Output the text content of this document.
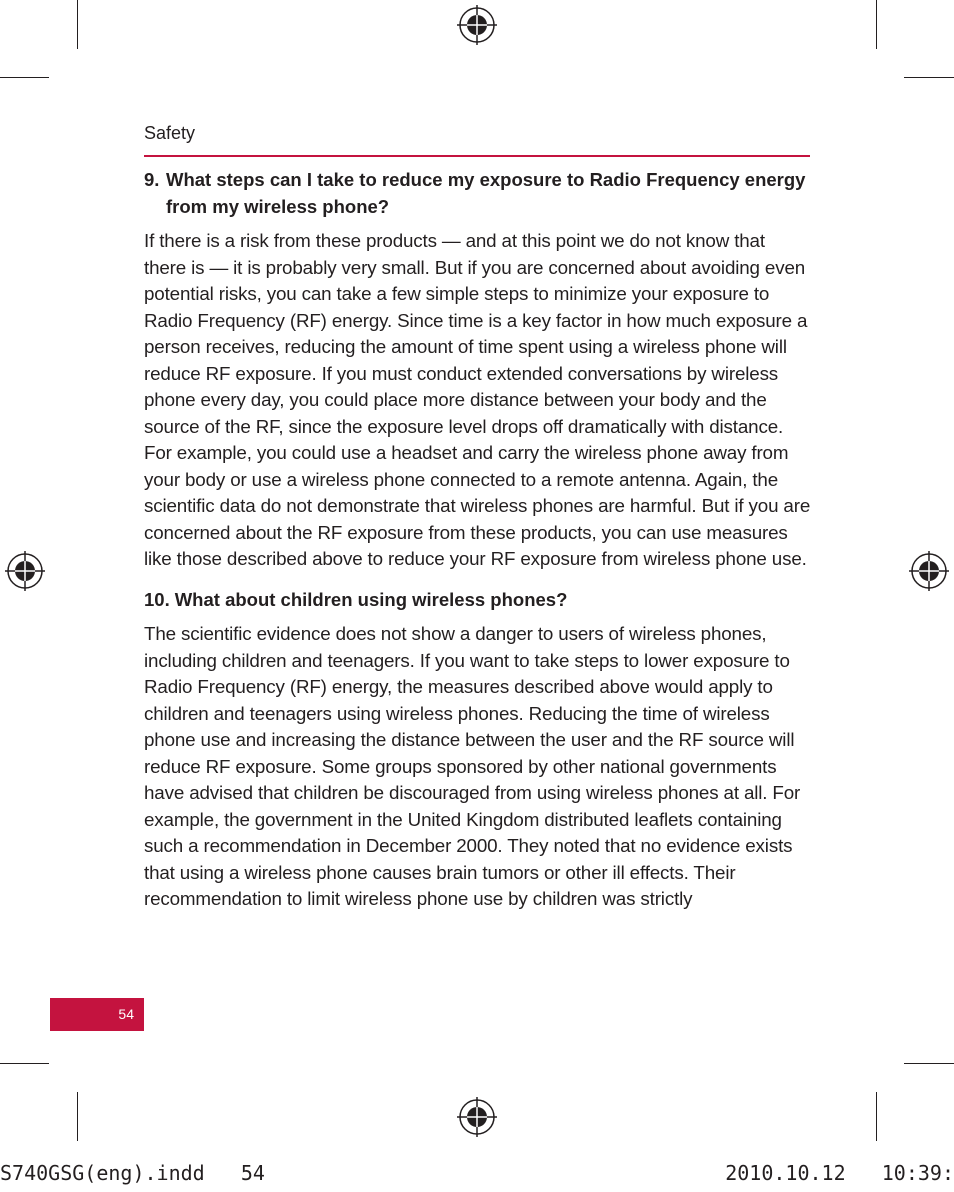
Safety
9. What steps can I take to reduce my exposure to Radio Frequency energy from my wireless phone?

If there is a risk from these products — and at this point we do not know that there is — it is probably very small. But if you are concerned about avoiding even potential risks, you can take a few simple steps to minimize your exposure to Radio Frequency (RF) energy. Since time is a key factor in how much exposure a person receives, reducing the amount of time spent using a wireless phone will reduce RF exposure. If you must conduct extended conversations by wireless phone every day, you could place more distance between your body and the source of the RF, since the exposure level drops off dramatically with distance. For example, you could use a headset and carry the wireless phone away from your body or use a wireless phone connected to a remote antenna. Again, the scientific data do not demonstrate that wireless phones are harmful. But if you are concerned about the RF exposure from these products, you can use measures like those described above to reduce your RF exposure from wireless phone use.

10. What about children using wireless phones?

The scientific evidence does not show a danger to users of wireless phones, including children and teenagers. If you want to take steps to lower exposure to Radio Frequency (RF) energy, the measures described above would apply to children and teenagers using wireless phones. Reducing the time of wireless phone use and increasing the distance between the user and the RF source will reduce RF exposure. Some groups sponsored by other national governments have advised that children be discouraged from using wireless phones at all. For example, the government in the United Kingdom distributed leaflets containing such a recommendation in December 2000. They noted that no evidence exists that using a wireless phone causes brain tumors or other ill effects. Their recommendation to limit wireless phone use by children was strictly

54
S740GSG(eng).indd   54	2010.10.12   10:39:
